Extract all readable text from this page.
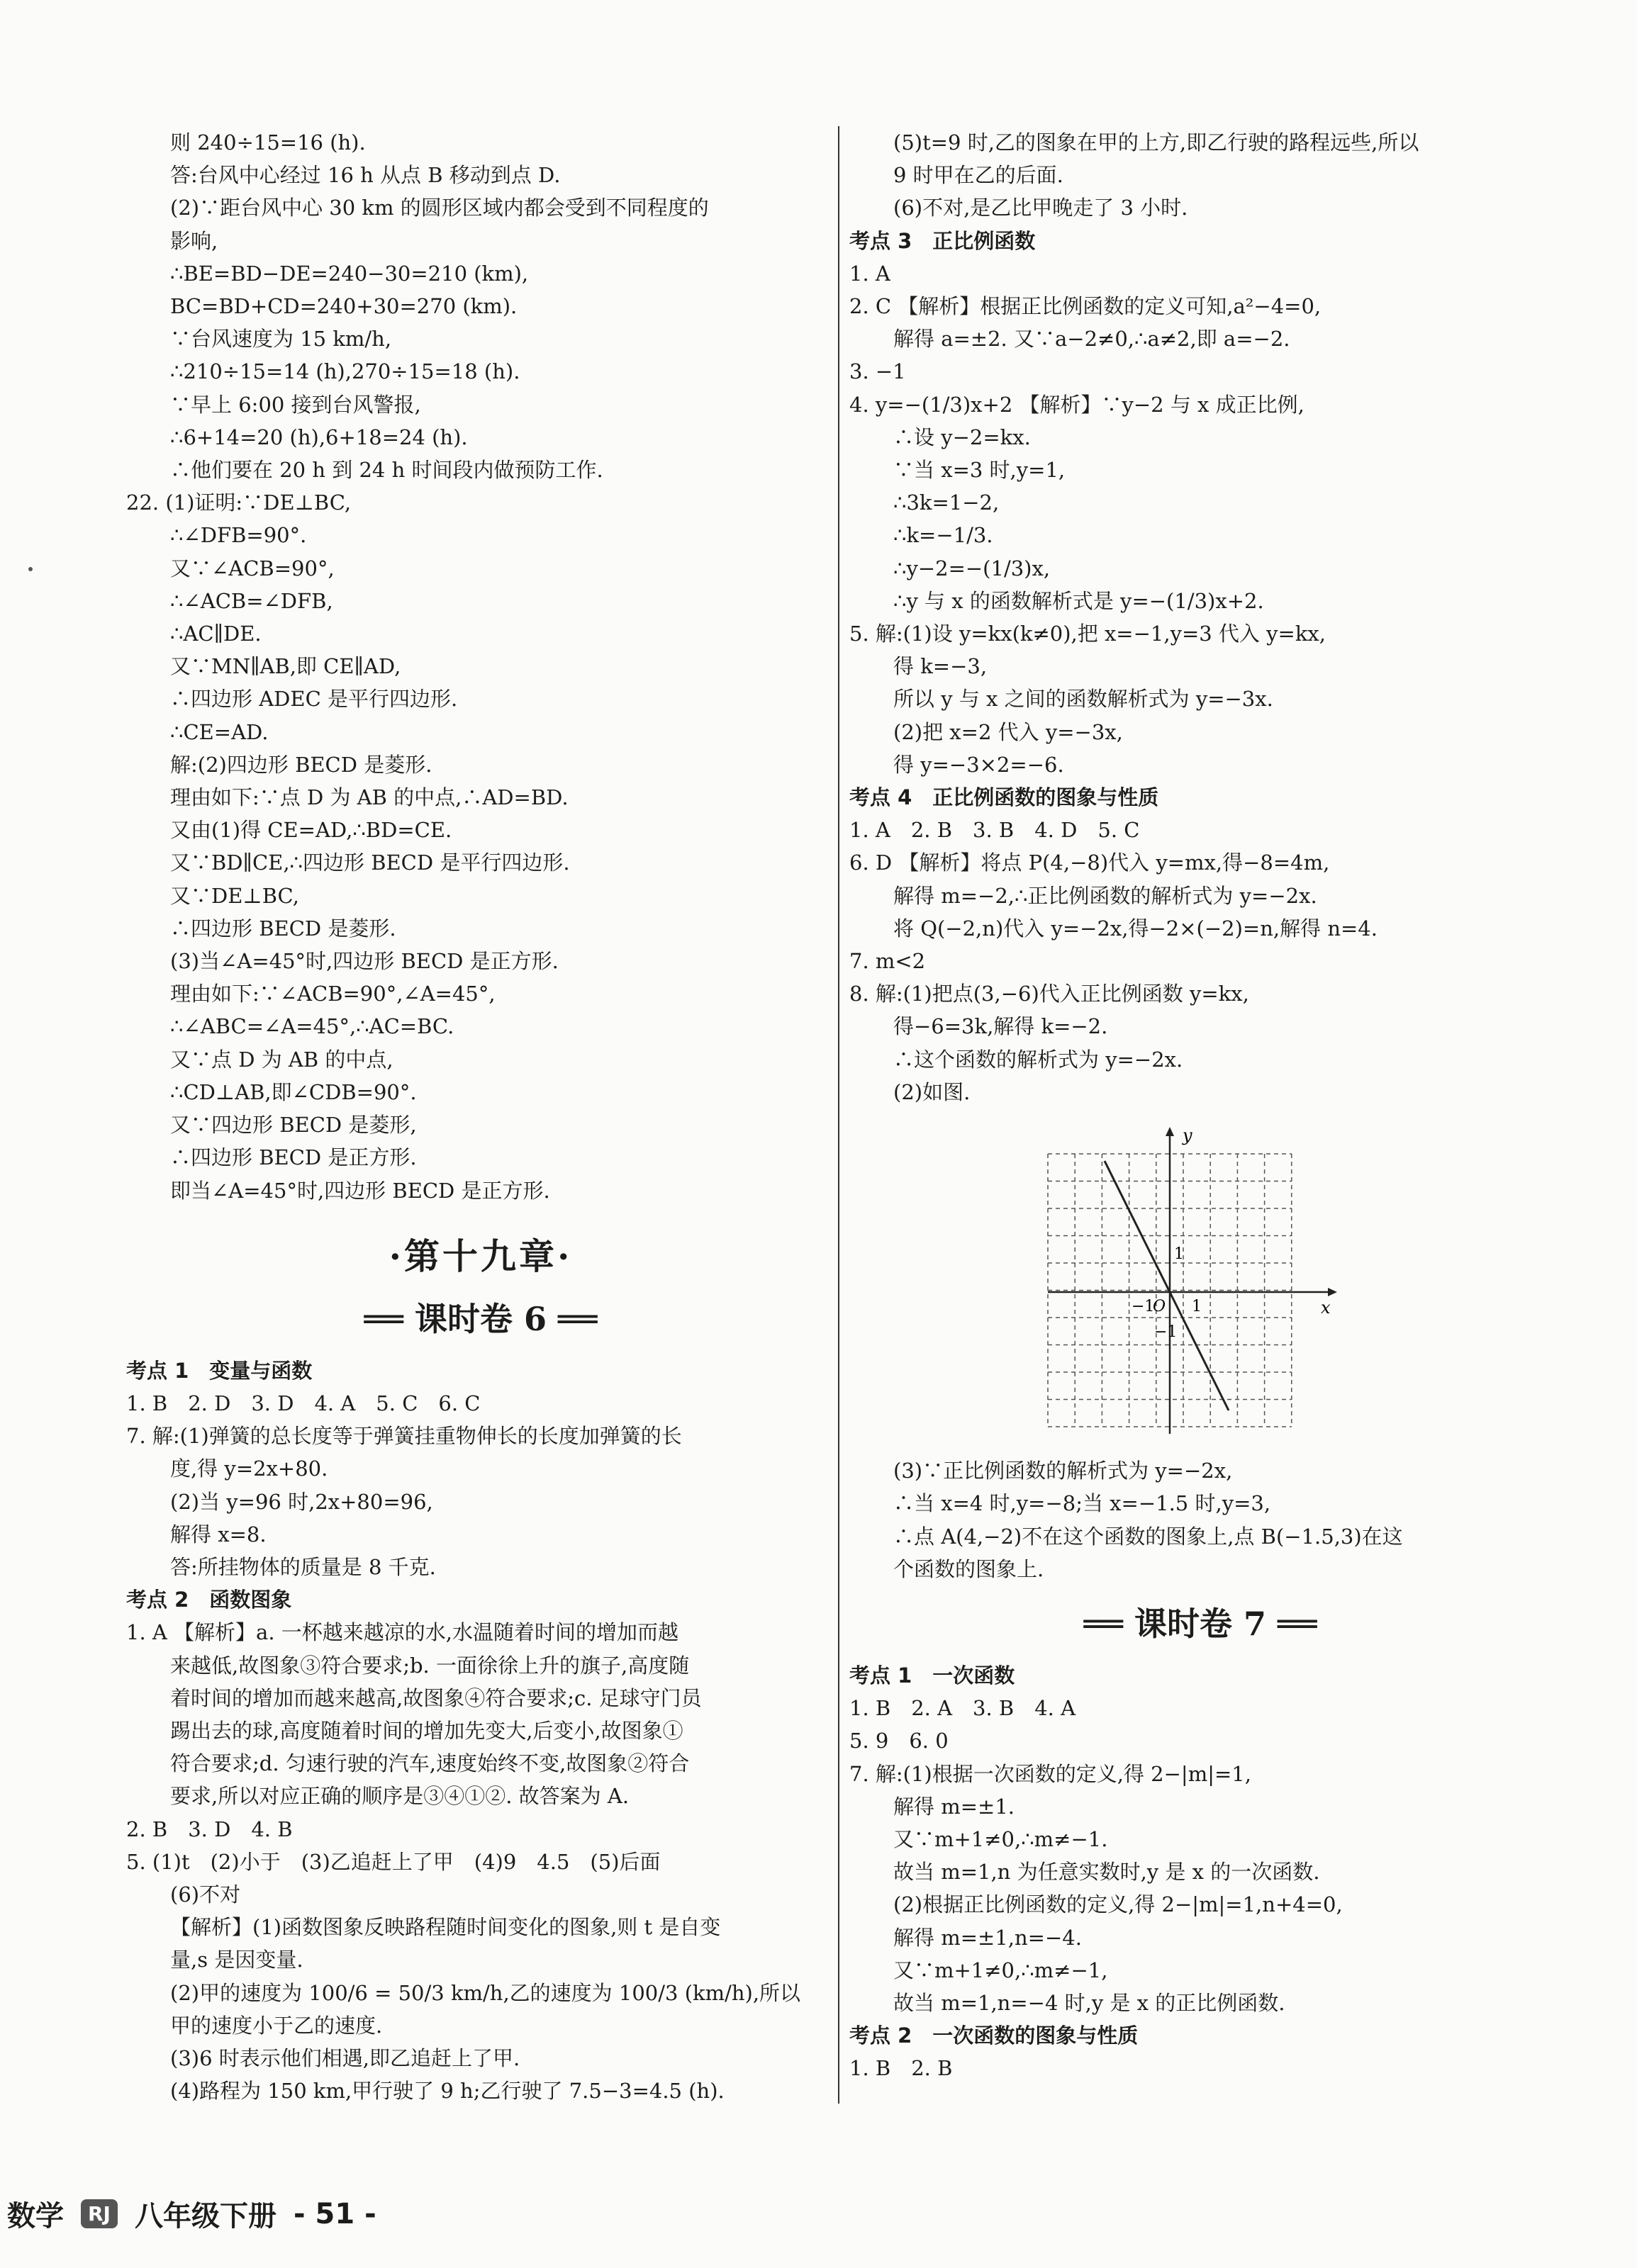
则 240÷15=16 (h).
答:台风中心经过 16 h 从点 B 移动到点 D.
(2)∵距台风中心 30 km 的圆形区域内都会受到不同程度的
影响,
∴BE=BD−DE=240−30=210 (km),
BC=BD+CD=240+30=270 (km).
∵台风速度为 15 km/h,
∴210÷15=14 (h),270÷15=18 (h).
∵早上 6:00 接到台风警报,
∴6+14=20 (h),6+18=24 (h).
∴他们要在 20 h 到 24 h 时间段内做预防工作.
22. (1)证明:∵DE⊥BC,
∴∠DFB=90°.
又∵∠ACB=90°,
∴∠ACB=∠DFB,
∴AC∥DE.
又∵MN∥AB,即 CE∥AD,
∴四边形 ADEC 是平行四边形.
∴CE=AD.
解:(2)四边形 BECD 是菱形.
理由如下:∵点 D 为 AB 的中点,∴AD=BD.
又由(1)得 CE=AD,∴BD=CE.
又∵BD∥CE,∴四边形 BECD 是平行四边形.
又∵DE⊥BC,
∴四边形 BECD 是菱形.
(3)当∠A=45°时,四边形 BECD 是正方形.
理由如下:∵∠ACB=90°,∠A=45°,
∴∠ABC=∠A=45°,∴AC=BC.
又∵点 D 为 AB 的中点,
∴CD⊥AB,即∠CDB=90°.
又∵四边形 BECD 是菱形,
∴四边形 BECD 是正方形.
即当∠A=45°时,四边形 BECD 是正方形.
·第十九章·
══ 课时卷 6 ══
考点 1　变量与函数
1. B　2. D　3. D　4. A　5. C　6. C
7. 解:(1)弹簧的总长度等于弹簧挂重物伸长的长度加弹簧的长
度,得 y=2x+80.
(2)当 y=96 时,2x+80=96,
解得 x=8.
答:所挂物体的质量是 8 千克.
考点 2　函数图象
1. A 【解析】a. 一杯越来越凉的水,水温随着时间的增加而越
来越低,故图象③符合要求;b. 一面徐徐上升的旗子,高度随
着时间的增加而越来越高,故图象④符合要求;c. 足球守门员
踢出去的球,高度随着时间的增加先变大,后变小,故图象①
符合要求;d. 匀速行驶的汽车,速度始终不变,故图象②符合
要求,所以对应正确的顺序是③④①②. 故答案为 A.
2. B　3. D　4. B
5. (1)t　(2)小于　(3)乙追赶上了甲　(4)9　4.5　(5)后面
(6)不对
【解析】(1)函数图象反映路程随时间变化的图象,则 t 是自变
量,s 是因变量.
(2)甲的速度为 100/6 = 50/3 km/h,乙的速度为 100/3 (km/h),所以
甲的速度小于乙的速度.
(3)6 时表示他们相遇,即乙追赶上了甲.
(4)路程为 150 km,甲行驶了 9 h;乙行驶了 7.5−3=4.5 (h).
(5)t=9 时,乙的图象在甲的上方,即乙行驶的路程远些,所以
9 时甲在乙的后面.
(6)不对,是乙比甲晚走了 3 小时.
考点 3　正比例函数
1. A
2. C 【解析】根据正比例函数的定义可知,a²−4=0,
解得 a=±2. 又∵a−2≠0,∴a≠2,即 a=−2.
3. −1
4. y=−(1/3)x+2 【解析】∵y−2 与 x 成正比例,
∴设 y−2=kx.
∵当 x=3 时,y=1,
∴3k=1−2,
∴k=−1/3.
∴y−2=−(1/3)x,
∴y 与 x 的函数解析式是 y=−(1/3)x+2.
5. 解:(1)设 y=kx(k≠0),把 x=−1,y=3 代入 y=kx,
得 k=−3,
所以 y 与 x 之间的函数解析式为 y=−3x.
(2)把 x=2 代入 y=−3x,
得 y=−3×2=−6.
考点 4　正比例函数的图象与性质
1. A　2. B　3. B　4. D　5. C
6. D 【解析】将点 P(4,−8)代入 y=mx,得−8=4m,
解得 m=−2,∴正比例函数的解析式为 y=−2x.
将 Q(−2,n)代入 y=−2x,得−2×(−2)=n,解得 n=4.
7. m<2
8. 解:(1)把点(3,−6)代入正比例函数 y=kx,
得−6=3k,解得 k=−2.
∴这个函数的解析式为 y=−2x.
(2)如图.
y
x
1
O
−1 1
−1
(3)∵正比例函数的解析式为 y=−2x,
∴当 x=4 时,y=−8;当 x=−1.5 时,y=3,
∴点 A(4,−2)不在这个函数的图象上,点 B(−1.5,3)在这
个函数的图象上.
══ 课时卷 7 ══
考点 1　一次函数
1. B　2. A　3. B　4. A
5. 9　6. 0
7. 解:(1)根据一次函数的定义,得 2−|m|=1,
解得 m=±1.
又∵m+1≠0,∴m≠−1.
故当 m=1,n 为任意实数时,y 是 x 的一次函数.
(2)根据正比例函数的定义,得 2−|m|=1,n+4=0,
解得 m=±1,n=−4.
又∵m+1≠0,∴m≠−1,
故当 m=1,n=−4 时,y 是 x 的正比例函数.
考点 2　一次函数的图象与性质
1. B　2. B
数学	RJ 八年级下册 - 51 -
